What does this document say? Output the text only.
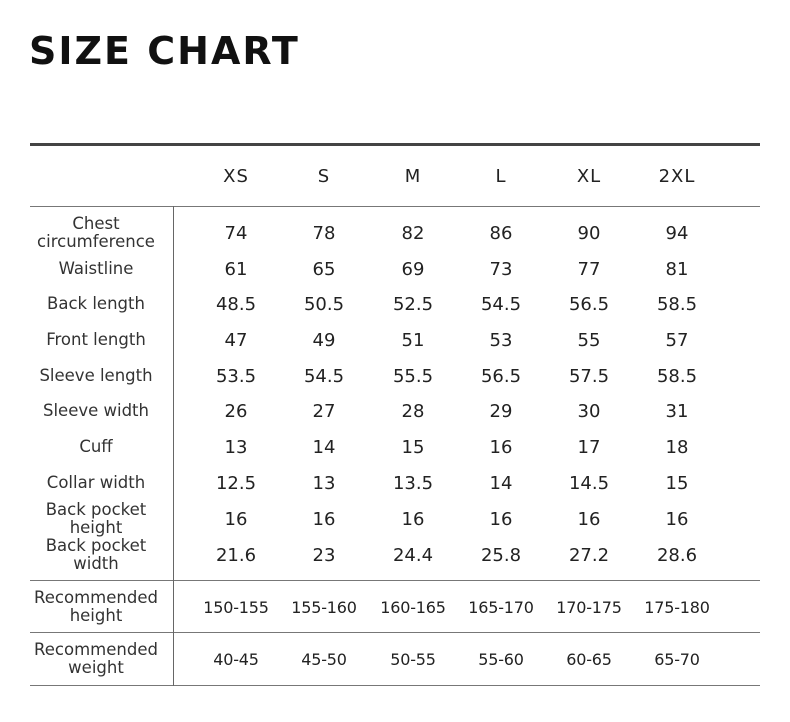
SIZE CHART
XS	S	M	L	XL	2XL
Chest
circumference	74	78	82	86	90	94
Waistline	61	65	69	73	77	81
Back length	48.5	50.5	52.5	54.5	56.5	58.5
Front length	47	49	51	53	55	57
Sleeve length	53.5	54.5	55.5	56.5	57.5	58.5
Sleeve width	26	27	28	29	30	31
Cuff	13	14	15	16	17	18
Collar width	12.5	13	13.5	14	14.5	15
Back pocket
height	16	16	16	16	16	16
Back pocket
width	21.6	23	24.4	25.8	27.2	28.6
Recommended
height	150-155	155-160	160-165	165-170	170-175	175-180
Recommended
weight	40-45	45-50	50-55	55-60	60-65	65-70
